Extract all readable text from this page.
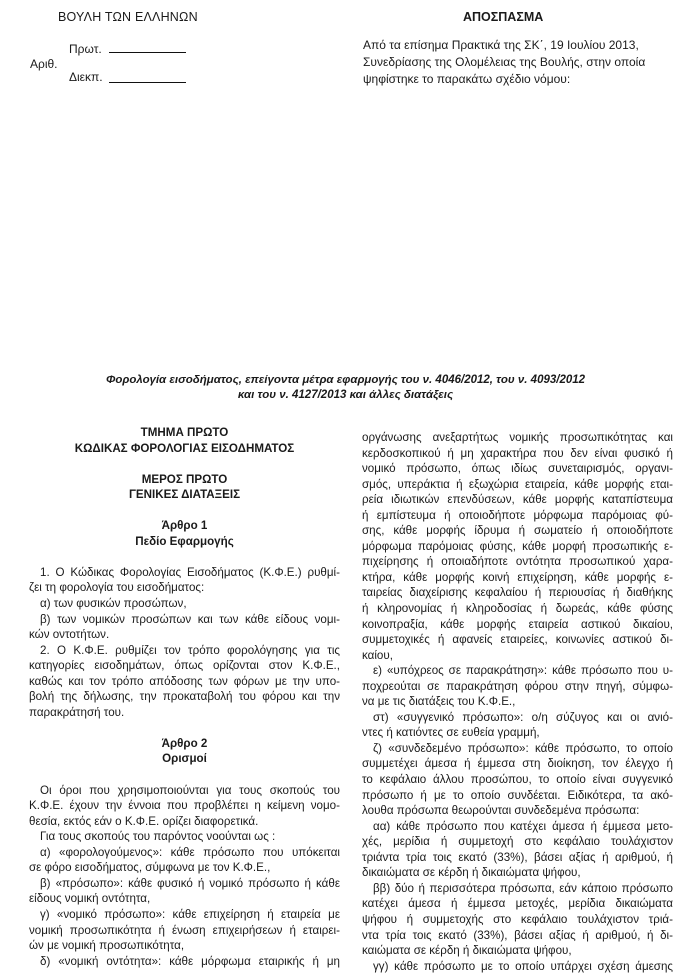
ΒΟΥΛΗ ΤΩΝ ΕΛΛΗΝΩΝ
Αριθ.
Πρωτ.
Διεκπ.
ΑΠΟΣΠΑΣΜΑ
Από τα επίσημα Πρακτικά της ΣΚ΄, 19 Ιουλίου 2013,
Συνεδρίασης της Ολομέλειας της Βουλής, στην οποία
ψηφίστηκε το παρακάτω σχέδιο νόμου:
Φορολογία εισοδήματος, επείγοντα μέτρα εφαρμογής του ν. 4046/2012, του ν. 4093/2012
και του ν. 4127/2013 και άλλες διατάξεις
ΤΜΗΜΑ ΠΡΩΤΟ
ΚΩΔΙΚΑΣ ΦΟΡΟΛΟΓΙΑΣ ΕΙΣΟΔΗΜΑΤΟΣ
ΜΕΡΟΣ ΠΡΩΤΟ
ΓΕΝΙΚΕΣ ΔΙΑΤΑΞΕΙΣ
Άρθρο 1
Πεδίο Εφαρμογής
1. Ο Κώδικας Φορολογίας Εισοδήματος (Κ.Φ.Ε.) ρυθμί-
ζει τη φορολογία του εισοδήματος:
α) των φυσικών προσώπων,
β) των νομικών προσώπων και των κάθε είδους νομι-
κών οντοτήτων.
2. Ο Κ.Φ.Ε. ρυθμίζει τον τρόπο φορολόγησης για τις
κατηγορίες εισοδημάτων, όπως ορίζονται στον Κ.Φ.Ε.,
καθώς και τον τρόπο απόδοσης των φόρων με την υπο-
βολή της δήλωσης, την προκαταβολή του φόρου και την
παρακράτησή του.
Άρθρο 2
Ορισμοί
Οι όροι που χρησιμοποιούνται για τους σκοπούς του
Κ.Φ.Ε. έχουν την έννοια που προβλέπει η κείμενη νομο-
θεσία, εκτός εάν ο Κ.Φ.Ε. ορίζει διαφορετικά.
Για τους σκοπούς του παρόντος νοούνται ως :
α) «φορολογούμενος»: κάθε πρόσωπο που υπόκειται
σε φόρο εισοδήματος, σύμφωνα με τον Κ.Φ.Ε.,
β) «πρόσωπο»: κάθε φυσικό ή νομικό πρόσωπο ή κάθε
είδους νομική οντότητα,
γ) «νομικό πρόσωπο»: κάθε επιχείρηση ή εταιρεία με
νομική προσωπικότητα ή ένωση επιχειρήσεων ή εταιρει-
ών με νομική προσωπικότητα,
δ) «νομική οντότητα»: κάθε μόρφωμα εταιρικής ή μη
οργάνωσης ανεξαρτήτως νομικής προσωπικότητας και
κερδοσκοπικού ή μη χαρακτήρα που δεν είναι φυσικό ή
νομικό πρόσωπο, όπως ιδίως συνεταιρισμός, οργανι-
σμός, υπεράκτια ή εξωχώρια εταιρεία, κάθε μορφής εται-
ρεία ιδιωτικών επενδύσεων, κάθε μορφής καταπίστευμα
ή εμπίστευμα ή οποιοδήποτε μόρφωμα παρόμοιας φύ-
σης, κάθε μορφής ίδρυμα ή σωματείο ή οποιοδήποτε
μόρφωμα παρόμοιας φύσης, κάθε μορφή προσωπικής ε-
πιχείρησης ή οποιαδήποτε οντότητα προσωπικού χαρα-
κτήρα, κάθε μορφής κοινή επιχείρηση, κάθε μορφής ε-
ταιρείας διαχείρισης κεφαλαίου ή περιουσίας ή διαθήκης
ή κληρονομίας ή κληροδοσίας ή δωρεάς, κάθε φύσης
κοινοπραξία, κάθε μορφής εταιρεία αστικού δικαίου,
συμμετοχικές ή αφανείς εταιρείες, κοινωνίες αστικού δι-
καίου,
ε) «υπόχρεος σε παρακράτηση»: κάθε πρόσωπο που υ-
ποχρεούται σε παρακράτηση φόρου στην πηγή, σύμφω-
να με τις διατάξεις του Κ.Φ.Ε.,
στ) «συγγενικό πρόσωπο»: ο/η σύζυγος και οι ανιό-
ντες ή κατιόντες σε ευθεία γραμμή,
ζ) «συνδεδεμένο πρόσωπο»: κάθε πρόσωπο, το οποίο
συμμετέχει άμεσα ή έμμεσα στη διοίκηση, τον έλεγχο ή
το κεφάλαιο άλλου προσώπου, το οποίο είναι συγγενικό
πρόσωπο ή με το οποίο συνδέεται. Ειδικότερα, τα ακό-
λουθα πρόσωπα θεωρούνται συνδεδεμένα πρόσωπα:
αα) κάθε πρόσωπο που κατέχει άμεσα ή έμμεσα μετο-
χές, μερίδια ή συμμετοχή στο κεφάλαιο τουλάχιστον
τριάντα τρία τοις εκατό (33%), βάσει αξίας ή αριθμού, ή
δικαιώματα σε κέρδη ή δικαιώματα ψήφου,
ββ) δύο ή περισσότερα πρόσωπα, εάν κάποιο πρόσωπο
κατέχει άμεσα ή έμμεσα μετοχές, μερίδια δικαιώματα
ψήφου ή συμμετοχής στο κεφάλαιο τουλάχιστον τριά-
ντα τρία τοις εκατό (33%), βάσει αξίας ή αριθμού, ή δι-
καιώματα σε κέρδη ή δικαιώματα ψήφου,
γγ) κάθε πρόσωπο με το οποίο υπάρχει σχέση άμεσης
